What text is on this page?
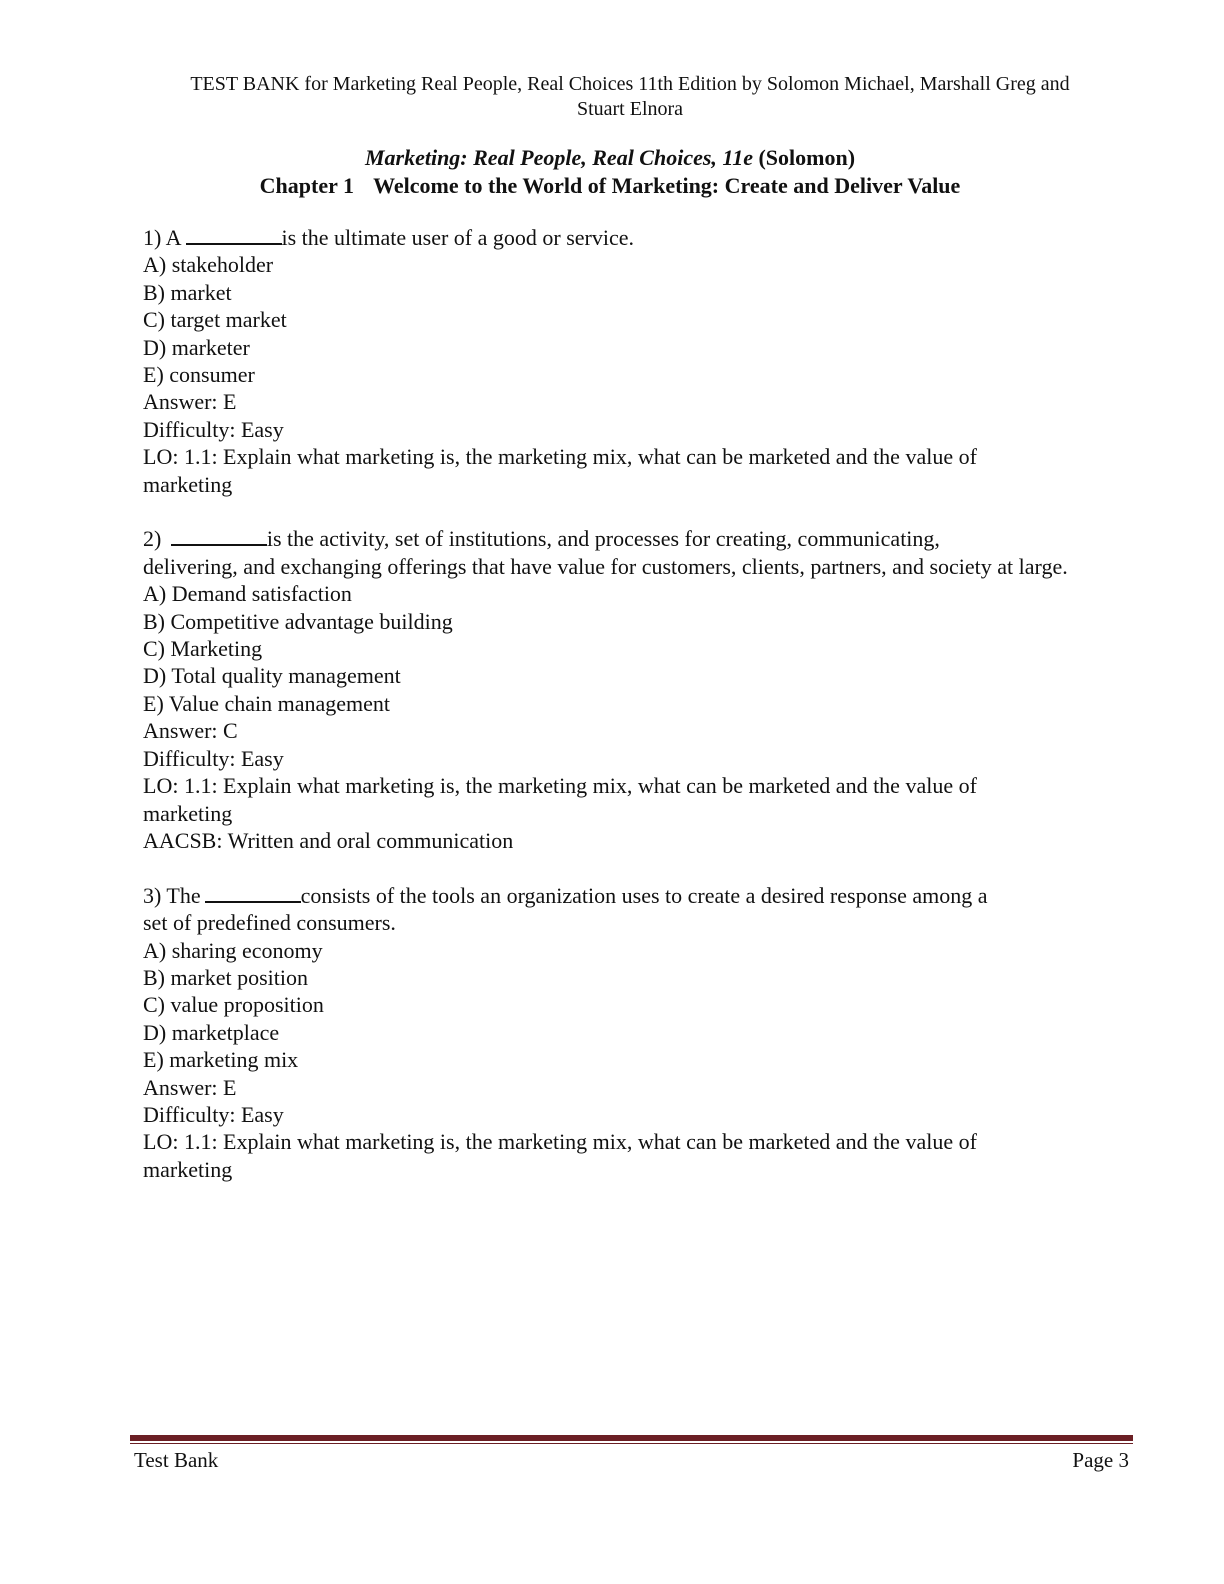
TEST BANK for Marketing Real People, Real Choices 11th Edition by Solomon Michael, Marshall Greg and
Stuart Elnora
Marketing: Real People, Real Choices, 11e (Solomon)
Chapter 1 Welcome to the World of Marketing: Create and Deliver Value
1) A	is the ultimate user of a good or service.
A) stakeholder
B) market
C) target market
D) marketer
E) consumer
Answer: E
Difficulty: Easy
LO: 1.1: Explain what marketing is, the marketing mix, what can be marketed and the value of
marketing
2)	is the activity, set of institutions, and processes for creating, communicating,
delivering, and exchanging offerings that have value for customers, clients, partners, and society at large.
A) Demand satisfaction
B) Competitive advantage building
C) Marketing
D) Total quality management
E) Value chain management
Answer: C
Difficulty: Easy
LO: 1.1: Explain what marketing is, the marketing mix, what can be marketed and the value of
marketing
AACSB: Written and oral communication
3) The	consists of the tools an organization uses to create a desired response among a
set of predefined consumers.
A) sharing economy
B) market position
C) value proposition
D) marketplace
E) marketing mix
Answer: E
Difficulty: Easy
LO: 1.1: Explain what marketing is, the marketing mix, what can be marketed and the value of
marketing
Test Bank	Page 3
